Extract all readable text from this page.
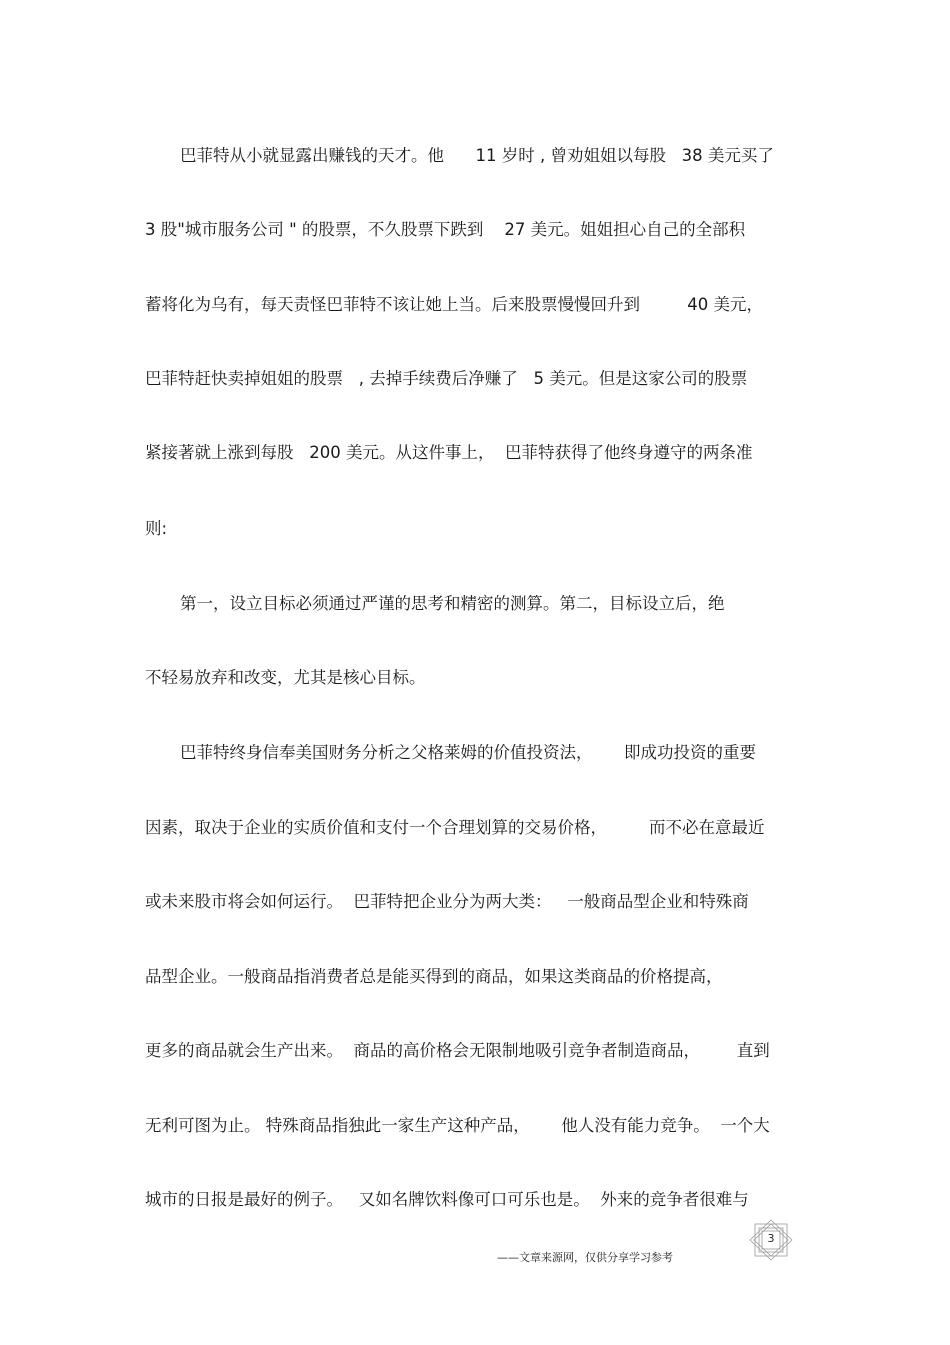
巴菲特从小就显露出赚钱的天才。他      11 岁时 , 曾劝姐姐以每股   38 美元买了

3 股"城市服务公司 " 的股票，不久股票下跌到    27 美元。姐姐担心自己的全部积

蓄将化为乌有，每天责怪巴菲特不该让她上当。后来股票慢慢回升到         40 美元，

巴菲特赶快卖掉姐姐的股票   , 去掉手续费后净赚了   5 美元。但是这家公司的股票

紧接著就上涨到每股   200 美元。从这件事上，  巴菲特获得了他终身遵守的两条准

则:

第一，设立目标必须通过严谨的思考和精密的测算。第二，目标设立后，绝

不轻易放弃和改变，尤其是核心目标。

巴菲特终身信奉美国财务分析之父格莱姆的价值投资法，      即成功投资的重要

因素，取决于企业的实质价值和支付一个合理划算的交易价格，        而不必在意最近

或未来股市将会如何运行。  巴菲特把企业分为两大类：   一般商品型企业和特殊商

品型企业。一般商品指消费者总是能买得到的商品，如果这类商品的价格提高，

更多的商品就会生产出来。  商品的高价格会无限制地吸引竞争者制造商品，       直到

无利可图为止。 特殊商品指独此一家生产这种产品，      他人没有能力竞争。  一个大

城市的日报是最好的例子。   又如名牌饮料像可口可乐也是。  外来的竞争者很难与

3
——文章来源网，仅供分享学习参考
